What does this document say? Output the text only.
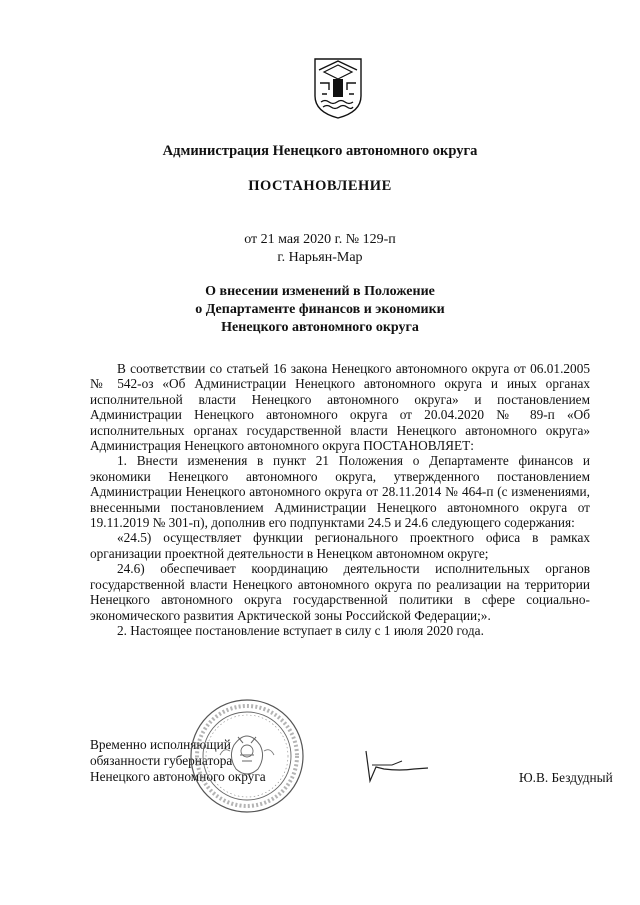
Администрация Ненецкого автономного округа
ПОСТАНОВЛЕНИЕ
от 21 мая 2020 г. № 129-п
г. Нарьян-Мар
О внесении изменений в Положение
о Департаменте финансов и экономики
Ненецкого автономного округа

В соответствии со статьей 16 закона Ненецкого автономного округа от 06.01.2005 № 542-оз «Об Администрации Ненецкого автономного округа и иных органах исполнительной власти Ненецкого автономного округа» и постановлением Администрации Ненецкого автономного округа от 20.04.2020 № 89-п «Об исполнительных органах государственной власти Ненецкого автономного округа» Администрация Ненецкого автономного округа ПОСТАНОВЛЯЕТ:

1. Внести изменения в пункт 21 Положения о Департаменте финансов и экономики Ненецкого автономного округа, утвержденного постановлением Администрации Ненецкого автономного округа от 28.11.2014 № 464-п (с изменениями, внесенными постановлением Администрации Ненецкого автономного округа от 19.11.2019 № 301-п), дополнив его подпунктами 24.5 и 24.6 следующего содержания:

«24.5) осуществляет функции регионального проектного офиса в рамках организации проектной деятельности в Ненецком автономном округе;

24.6) обеспечивает координацию деятельности исполнительных органов государственной власти Ненецкого автономного округа по реализации на территории Ненецкого автономного округа государственной политики в сфере социально-экономического развития Арктической зоны Российской Федерации;».

2. Настоящее постановление вступает в силу с 1 июля 2020 года.

Временно исполняющий
обязанности губернатора
Ненецкого автономного округа	Ю.В. Бездудный
